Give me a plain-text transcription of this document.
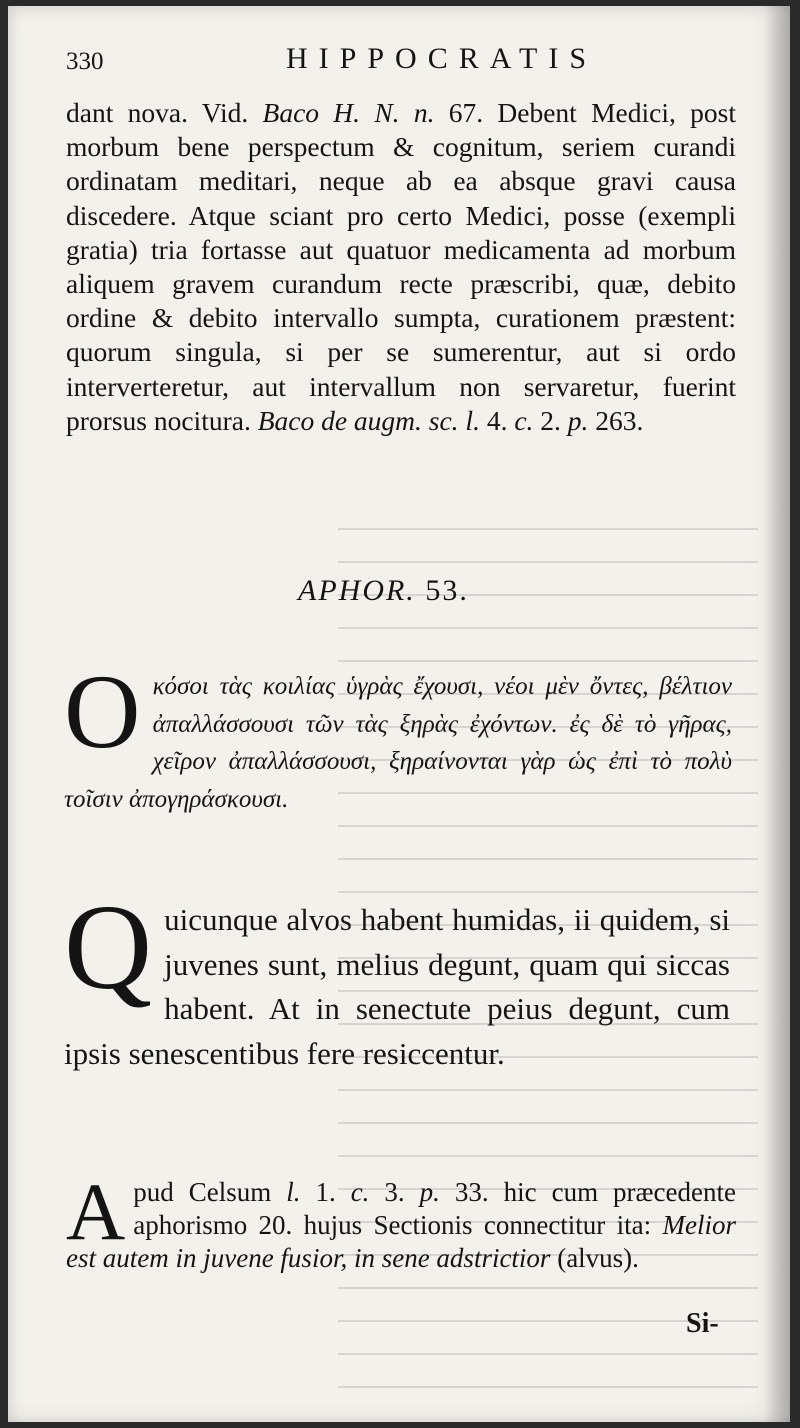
330	HIPPOCRATIS
dant nova. Vid. Baco H. N. n. 67. Debent Medici, post morbum bene perspectum & cognitum, seriem curandi ordinatam meditari, neque ab ea absque gravi causa discedere. Atque sciant pro certo Medici, posse (exempli gratia) tria fortasse aut quatuor medicamenta ad morbum aliquem gravem curandum recte præscribi, quæ, debito ordine & debito intervallo sumpta, curationem præstent: quorum singula, si per se sumerentur, aut si ordo interverteretur, aut intervallum non servaretur, fuerint prorsus nocitura. Baco de augm. sc. l. 4. c. 2. p. 263.
APHOR. 53.
Oκόσοι τὰς κοιλίας ὑγρὰς ἔχουσι, νέοι μὲν ὄντες, βέλτιον ἀπαλλάσσουσι τῶν τὰς ξηρὰς ἐχόντων. ἐς δὲ τὸ γῆρας, χεῖρον ἀπαλλάσσουσι, ξηραίνονται γὰρ ὡς ἐπὶ τὸ πολὺ τοῖσιν ἀπογηράσκουσι.
Quicunque alvos habent humidas, ii quidem, si juvenes sunt, melius degunt, quam qui siccas habent. At in senectute peius degunt, cum ipsis senescentibus fere resiccentur.
Apud Celsum l. 1. c. 3. p. 33. hic cum præcedente aphorismo 20. hujus Sectionis connectitur ita: Melior est autem in juvene fusior, in sene adstrictior (alvus).
Si-
